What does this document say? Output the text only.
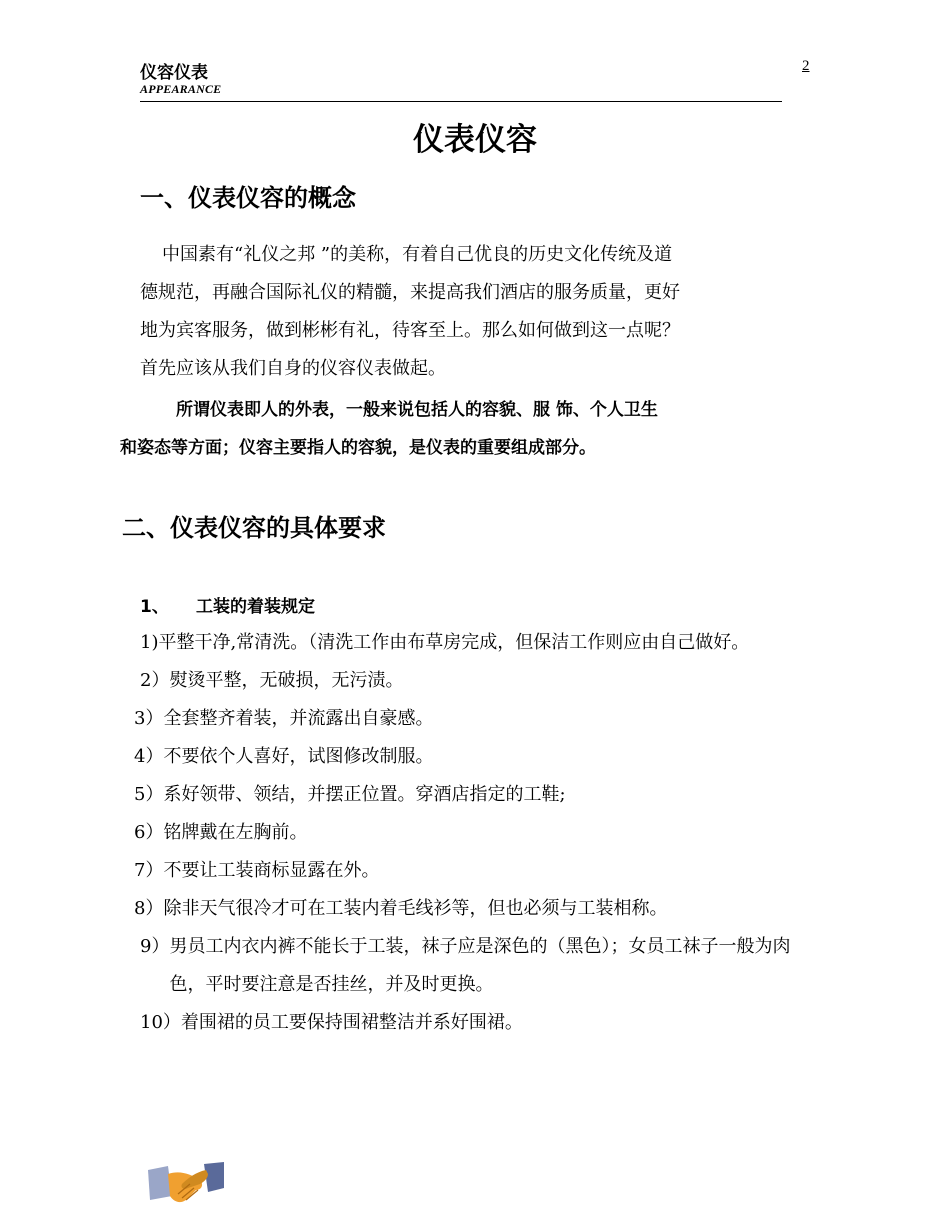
仪容仪表
APPEARANCE
2
仪表仪容
一、仪表仪容的概念

中国素有“礼仪之邦 ”的美称，有着自己优良的历史文化传统及道

德规范，再融合国际礼仪的精髓，来提高我们酒店的服务质量，更好

地为宾客服务，做到彬彬有礼，待客至上。那么如何做到这一点呢？

首先应该从我们自身的仪容仪表做起。

所谓仪表即人的外表，一般来说包括人的容貌、服 饰、个人卫生
和姿态等方面；仪容主要指人的容貌，是仪表的重要组成部分。
二、仪表仪容的具体要求
1、 工装的着装规定
1) 平整干净,常清洗。（清洗工作由布草房完成，但保洁工作则应由自己做好。
2） 熨烫平整，无破损，无污渍。
3） 全套整齐着装，并流露出自豪感。
4） 不要依个人喜好，试图修改制服。
5） 系好领带、领结，并摆正位置。穿酒店指定的工鞋;
6） 铭牌戴在左胸前。
7） 不要让工装商标显露在外。
8） 除非天气很冷才可在工装内着毛线衫等，但也必须与工装相称。
9） 男员工内衣内裤不能长于工装，袜子应是深色的（黑色）；女员工袜子一般为肉色，平时要注意是否挂丝，并及时更换。
10） 着围裙的员工要保持围裙整洁并系好围裙。
